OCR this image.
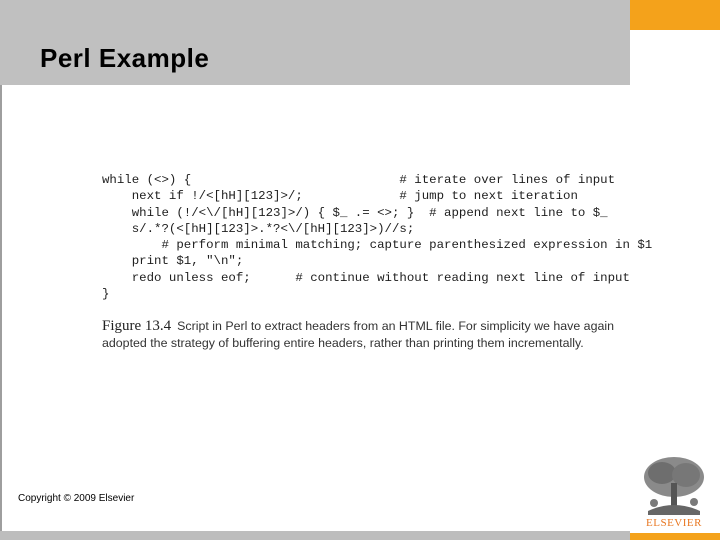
Perl Example
while (<>) {                            # iterate over lines of input
next if !/<[hH][123]>/;             # jump to next iteration
while (!/<\/[hH][123]>/) { $_ .= <>; }  # append next line to $_
s/.*?(<[hH][123]>.*?<\/[hH][123]>)//s;
# perform minimal matching; capture parenthesized expression in $1
print $1, "\n";
redo unless eof;      # continue without reading next line of input
}

Figure 13.4 Script in Perl to extract headers from an HTML file. For simplicity we have again adopted the strategy of buffering entire headers, rather than printing them incrementally.

Copyright © 2009 Elsevier

ELSEVIER
